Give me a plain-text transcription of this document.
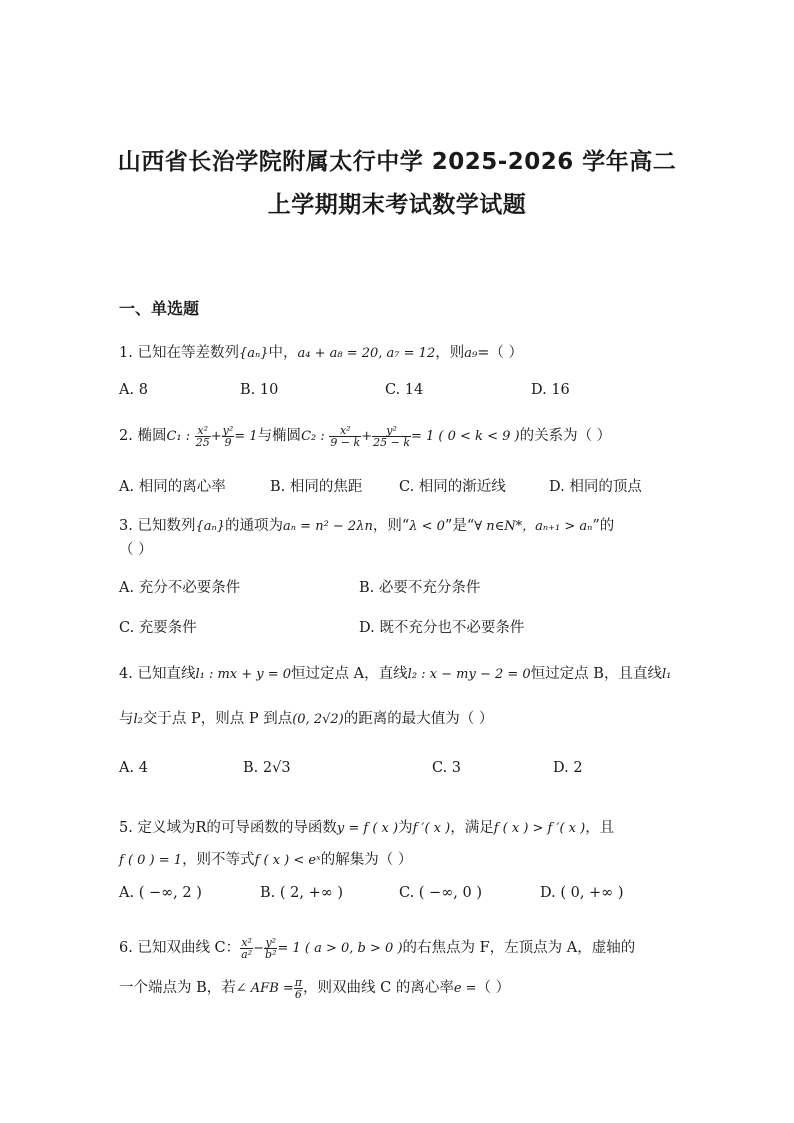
山西省长治学院附属太行中学 2025-2026 学年高二
上学期期末考试数学试题
一、单选题
1. 已知在等差数列{aₙ}中，a₄ + a₈ = 20, a₇ = 12，则a₉=（ ）
A. 8	B. 10	C. 14	D. 16
2. 椭圆C₁ : $\frac{\text{x²}}{25} + \frac{\text{y²}}{9} = 1$与椭圆C₂ : $\frac{\text{x²}}{9 - k} + \frac{\text{y²}}{25 - k} = 1$ ( 0 < k < 9 )的关系为（ ）
A. 相同的离心率	B. 相同的焦距	C. 相同的渐近线	D. 相同的顶点
3. 已知数列{aₙ}的通项为aₙ = n² − 2λn，则“λ < 0”是“∀ n∈N*，aₙ₊₁ > aₙ”的
（ ）
A. 充分不必要条件	B. 必要不充分条件
C. 充要条件	D. 既不充分也不必要条件
4. 已知直线l₁ : mx + y = 0恒过定点 A，直线l₂ : x − my − 2 = 0恒过定点 B，且直线l₁
与l₂交于点 P，则点 P 到点(0, 2√2)的距离的最大值为（ ）
A. 4	B. 2√3	C. 3	D. 2
5. 定义域为R的可导函数的导函数y = f ( x )为f ′( x )，满足f ( x ) > f ′( x )，且
f ( 0 ) = 1，则不等式f ( x ) < eˣ的解集为（ ）
A. ( −∞, 2 )	B. ( 2, +∞ )	C. ( −∞, 0 )	D. ( 0, +∞ )
6. 已知双曲线 C： $\frac{\text{x²}}{\text{a²}} - \frac{\text{y²}}{\text{b²}} = 1$ ( a > 0, b > 0 )的右焦点为 F，左顶点为 A，虚轴的
一个端点为 B，若∠ AFB = $\frac{\pi}{6}$ ，则双曲线 C 的离心率e =（ ）
